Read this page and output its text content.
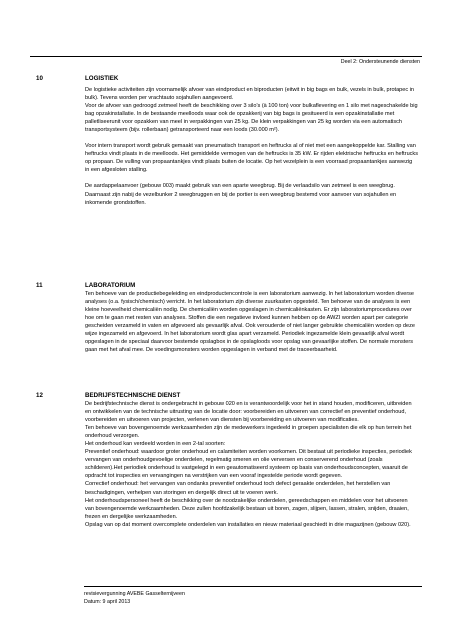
Deel 2: Ondersteunende diensten
10	LOGISTIEK

De logistieke activiteiten zijn voornamelijk afvoer van eindproduct en biproducten (eitwit in big bags en bulk, vezels in bulk, protapec in bulk). Tevens worden per vrachtauto sojahullen aangevoerd.

Voor de afvoer van gedroogd zetmeel heeft de beschikking over 3 silo's (à 100 ton) voor bulkaflevering en 1 silo met nageschakelde big bag opzakinstallatie. In de bestaande meelloods waar ook de opzakkerij van big bags is gesitueerd is een opzakinstallatie met palletliseerunit voor opzakken van meel in verpakkingen van 25 kg. De klein verpakkingen van 25 kg worden via een automatisch transportsysteem (bijv. rollerbaan) getransporteerd naar een loods (30.000 m²).

Voor intern transport wordt gebruik gemaakt van pneumatisch transport en heftrucks al of niet met een aangekoppelde kar. Stalling van heftrucks vindt plaats in de meelloods. Het gemiddelde vermogen van de heftrucks is 35 kW. Er rijden elektrische heftrucks en heftrucks op propaan. De vulling van propaantankjes vindt plaats buiten de locatie. Op het vezelplein is een voorraad propaantankjes aanwezig in een afgesloten stalling.

De aardappelaanvoer (gebouw 003) maakt gebruik van een aparte weegbrug. Bij de verlaadsilo van zetmeel is een weegbrug. Daarnaast zijn nabij de vezelbunker 2 weegbruggen en bij de portier is een weegbrug bestemd voor aanvoer van sojahullen en inkomende grondstoffen.

11	LABORATORIUM

Ten behoeve van de productiebegeleiding en eindproductencontrole is een laboratorium aanwezig. In het laboratorium worden diverse analyses (o.a. fysisch/chemisch) verricht. In het laboratorium zijn diverse zuurkasten opgesteld. Ten behoeve van de analyses is een kleine hoeveelheid chemicaliën nodig. De chemicaliën worden opgeslagen in chemicaliënkasten. Er zijn laboratoriumprocedures over hoe om te gaan met resten van analyses. Stoffen die een negatieve invloed kunnen hebben op de AWZI worden apart per categorie gescheiden verzameld in vaten en afgevoerd als gevaarlijk afval. Ook verouderde of niet langer gebruikte chemicaliën worden op deze wijze ingezameld en afgevoerd. In het laboratorium wordt glas apart verzameld. Periodiek ingezamelde klein gevaarlijk afval wordt opgeslagen in de speciaal daarvoor bestemde opslagbox in de opslagloods voor opslag van gevaarlijke stoffen. De normale monsters gaan met het afval mee. De voedingsmonsters worden opgeslagen in verband met de traceerbaarheid.

12	BEDRIJFSTECHNISCHE DIENST

De bedrijfstechnische dienst is ondergebracht in gebouw 020 en is verantwoordelijk voor het in stand houden, modificeren, uitbreiden en ontwikkelen van de technische uitrusting van de locatie door: voorbereiden en uitvoeren van correctief en preventief onderhoud, voorbereiden en uitvoeren van projecten, verlenen van diensten bij voorbereiding en uitvoeren van modificaties.

Ten behoeve van bovengenoemde werkzaamheden zijn de medewerkers ingedeeld in groepen specialisten die elk op hun terrein het onderhoud verzorgen.

Het onderhoud kan verdeeld worden in een 2-tal soorten:

Preventief onderhoud: waardoor groter onderhoud en calamiteiten worden voorkomen. Dit bestaat uit periodieke inspecties, periodiek vervangen van onderhoudgevoelige onderdelen, regelmatig smeren en olie verversen en conserverend onderhoud (zoals schilderen).Het periodiek onderhoud is vastgelegd in een geautomatiseerd systeem op basis van onderhoudsconcepten, waaruit de opdracht tot inspecties en vervangingen na verstrijken van een vooraf ingestelde periode wordt gegeven.

Correctief onderhoud: het vervangen van ondanks preventief onderhoud toch defect geraakte onderdelen, het herstellen van beschadigingen, verhelpen van storingen en dergelijk direct uit te voeren werk.

Het onderhoudspersoneel heeft de beschikking over de noodzakelijke onderdelen, gereedschappen en middelen voor het uitvoeren van bovengenoemde werkzaamheden. Deze zullen hoofdzakelijk bestaan uit boren, zagen, slijpen, lassen, stralen, snijden, draaien, frezen en dergelijke werkzaamheden.

Opslag van op dat moment overcomplete onderdelen van installaties en nieuw materiaal geschiedt in drie magazijnen (gebouw 020).

revisievergunning AVEBE Gasselternijveen
Datum: 9 april 2013
